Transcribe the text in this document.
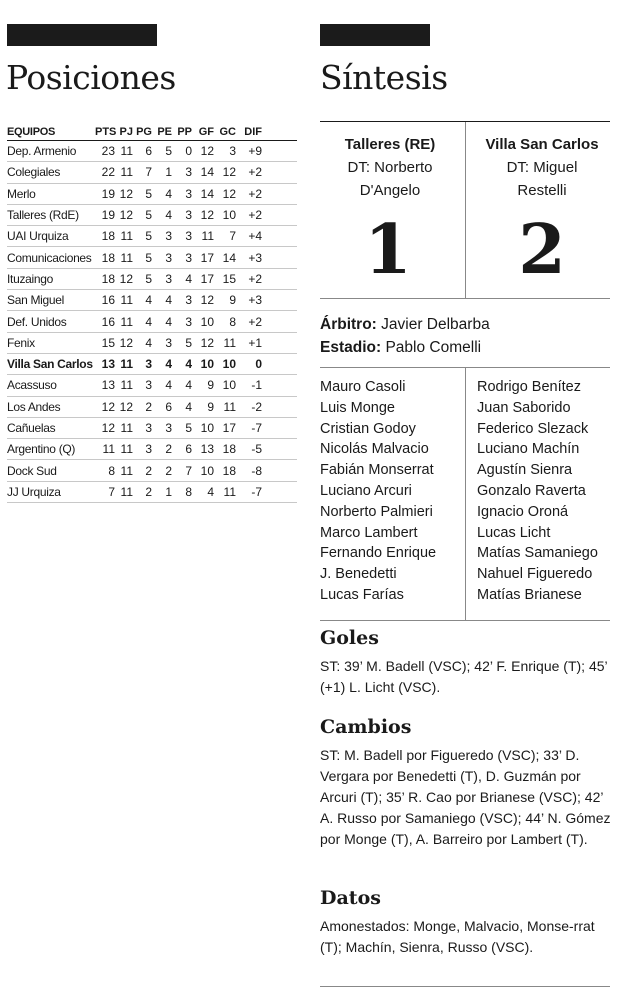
Posiciones	Síntesis
EQUIPOS	PTS PJ PG PE PP GF GC DIF
Dep. Armenio	23 11	6	5	0 12	3	+9
Colegiales	22 11	7	1	3 14 12	+2
Merlo	19 12	5	4	3 14 12	+2
Talleres (RdE)	19 12	5	4	3 12 10	+2
UAI Urquiza	18 11	5	3	3 11	7	+4
Comunicaciones 18 11	5	3	3 17 14	+3
Ituzaingo	18 12	5	3	4 17 15	+2
San Miguel	16 11	4	4	3 12	9	+3
Def. Unidos	16 11	4	4	3 10	8	+2
Fenix	15 12	4	3	5 12 11	+1
Villa San Carlos 13 11	3	4	4 10 10	0
Acassuso	13 11	3	4	4	9 10	-1
Los Andes	12 12	2	6	4	9 11	-2
Cañuelas	12 11	3	3	5 10 17	-7
Argentino (Q)	11 11	3	2	6 13 18	-5
Dock Sud	8 11	2	2	7 10 18	-8
JJ Urquiza	7 11	2	1	8	4 11	-7
Talleres (RE)
DT: Norberto
D'Angelo
Villa San Carlos
DT: Miguel
Restelli
1	2
Árbitro: Javier Delbarba
Estadio: Pablo Comelli
Mauro Casoli
Luis Monge
Cristian Godoy
Nicolás Malvacio
Fabián Monserrat
Luciano Arcuri
Norberto Palmieri
Marco Lambert
Fernando Enrique
J. Benedetti
Lucas Farías
Rodrigo Benítez
Juan Saborido
Federico Slezack
Luciano Machín
Agustín Sienra
Gonzalo Raverta
Ignacio Oroná
Lucas Licht
Matías Samaniego
Nahuel Figueredo
Matías Brianese
Goles

ST: 39’ M. Badell (VSC); 42’ F. Enrique (T); 45’ (+1) L. Licht (VSC).

Cambios

ST: M. Badell por Figueredo (VSC); 33’ D. Vergara por Benedetti (T), D. Guzmán por Arcuri (T); 35’ R. Cao por Brianese (VSC); 42’ A. Russo por Samaniego (VSC); 44’ N. Gómez por Monge (T), A. Barreiro por Lambert (T).

Datos

Amonestados: Monge, Malvacio, Monse-rrat (T); Machín, Sienra, Russo (VSC).
